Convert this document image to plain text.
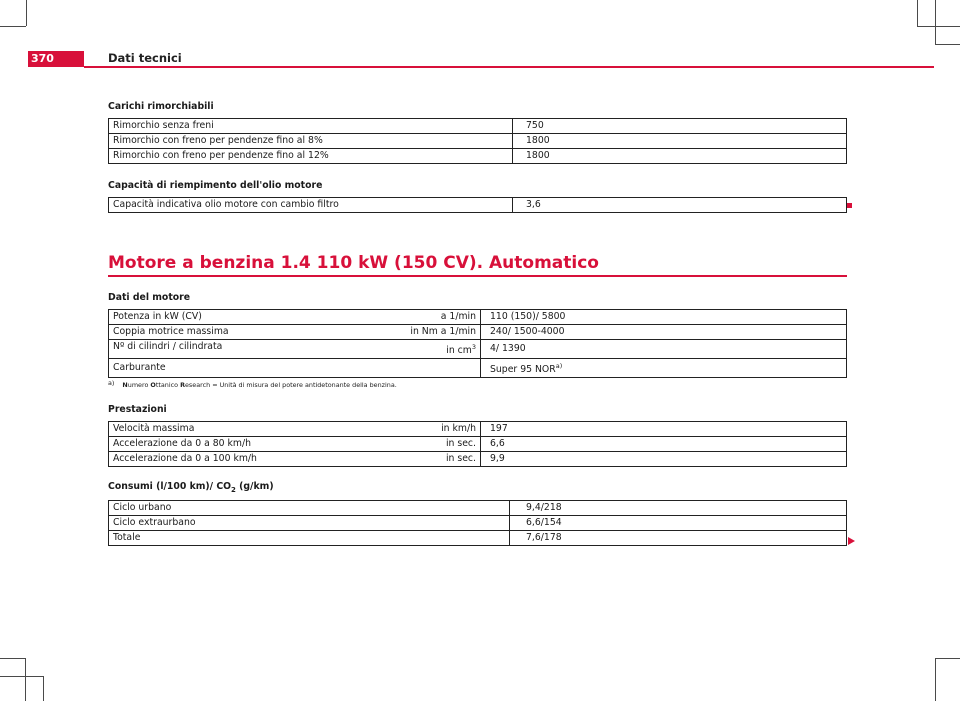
370	Dati tecnici
Carichi rimorchiabili
Rimorchio senza freni	750
Rimorchio con freno per pendenze fino al 8%	1800
Rimorchio con freno per pendenze fino al 12%	1800
Capacità di riempimento dell'olio motore
Capacità indicativa olio motore con cambio filtro	3,6
Motore a benzina 1.4 110 kW (150 CV). Automatico
Dati del motore
Potenza in kW (CV) a 1/min	110 (150)/ 5800
Coppia motrice massima in Nm a 1/min	240/ 1500-4000
Nº di cilindri / cilindrata in $cm^3$	4/ 1390
Carburante	Super 95 NOR$^{a)}$
a) Numero Ottanico Research = Unità di misura del potere antidetonante della benzina.
Prestazioni
Velocità massima in km/h	197
Accelerazione da 0 a 80 km/h in sec.	6,6
Accelerazione da 0 a 100 km/h in sec.	9,9
Consumi (l/100 km)/ $CO_2$ (g/km)
Ciclo urbano	9,4/218
Ciclo extraurbano	6,6/154
Totale	7,6/178
